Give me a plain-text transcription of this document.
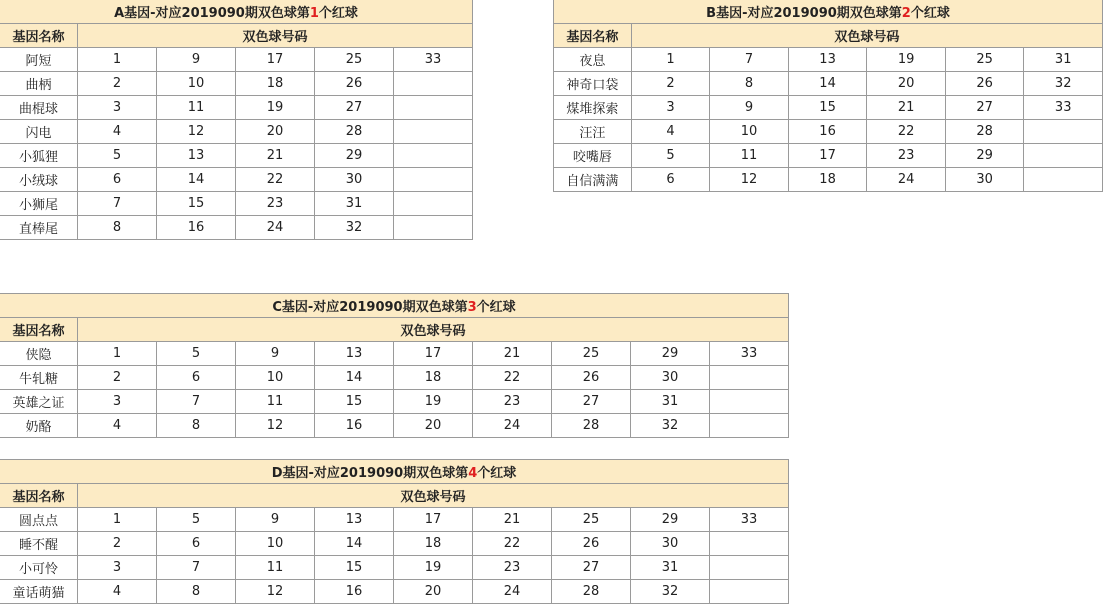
A基因-对应2019090期双色球第1个红球					
基因名称	双色球号码				
阿短	1	9	17	25	33
曲柄	2	10	18	26	
曲棍球	3	11	19	27	
闪电	4	12	20	28	
小狐狸	5	13	21	29	
小绒球	6	14	22	30	
小狮尾	7	15	23	31	
直棒尾	8	16	24	32	
B基因-对应2019090期双色球第2个红球						
基因名称	双色球号码					
夜息	1	7	13	19	25	31
神奇口袋	2	8	14	20	26	32
煤堆探索	3	9	15	21	27	33
汪汪	4	10	16	22	28	
咬嘴唇	5	11	17	23	29	
自信满满	6	12	18	24	30	
C基因-对应2019090期双色球第3个红球									
基因名称	双色球号码								
侠隐	1	5	9	13	17	21	25	29	33
牛轧糖	2	6	10	14	18	22	26	30	
英雄之证	3	7	11	15	19	23	27	31	
奶酪	4	8	12	16	20	24	28	32	
D基因-对应2019090期双色球第4个红球									
基因名称	双色球号码								
圆点点	1	5	9	13	17	21	25	29	33
睡不醒	2	6	10	14	18	22	26	30	
小可怜	3	7	11	15	19	23	27	31	
童话萌猫	4	8	12	16	20	24	28	32	
